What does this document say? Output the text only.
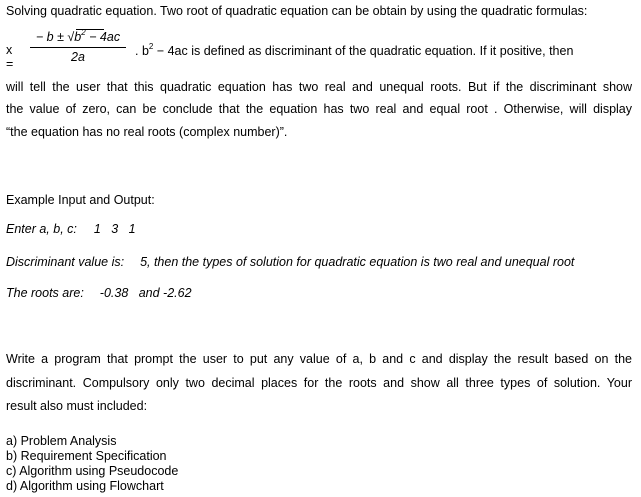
Solving quadratic equation. Two root of quadratic equation can be obtain by using the quadratic formulas:
x =
− $b \pm √b^2 - 4ac$
2a	. $b^2 - 4ac$ is defined as discriminant of the quadratic equation. If it positive, then
will tell the user that this quadratic equation has two real and unequal roots. But if the discriminant show
the value of zero, can be conclude that the equation has two real and equal root . Otherwise, will display
“the equation has no real roots (complex number)”.
Example Input and Output:
Enter a, b, c: 1   3   1
Discriminant value is: 5, then the types of solution for quadratic equation is two real and unequal root
The roots are: -0.38   and -2.62
Write a program that prompt the user to put any value of a, b and c and display the result based on the
discriminant. Compulsory only two decimal places for the roots and show all three types of solution. Your
result also must included:
a) Problem Analysis
b) Requirement Specification
c) Algorithm using Pseudocode
d) Algorithm using Flowchart
